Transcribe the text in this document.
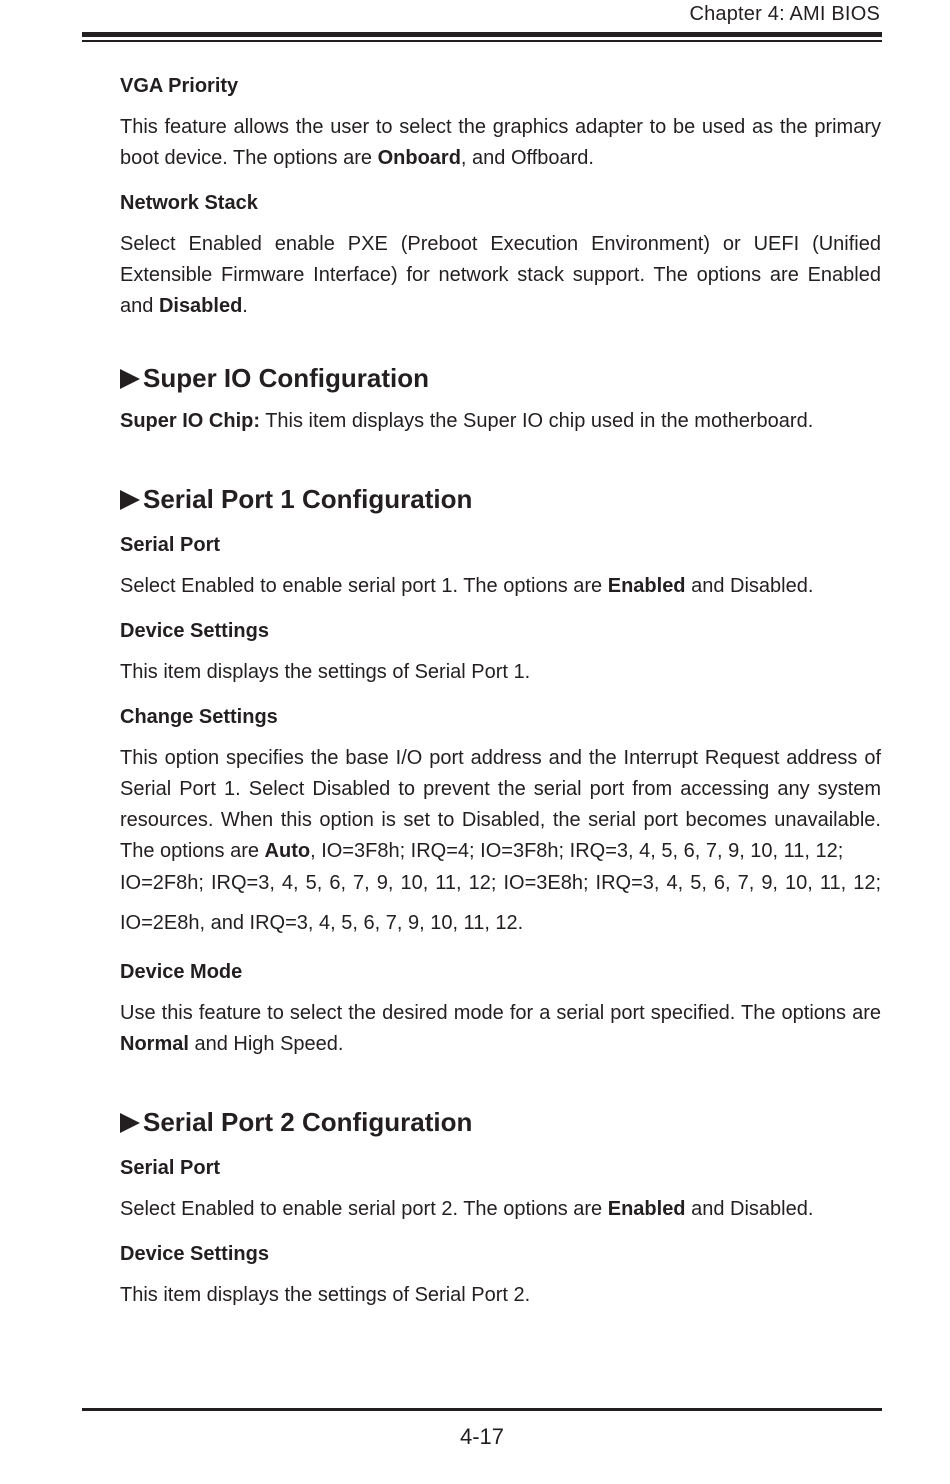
Chapter 4: AMI BIOS
VGA Priority

This feature allows the user to select the graphics adapter to be used as the primary boot device. The options are Onboard, and Offboard.

Network Stack

Select Enabled enable PXE (Preboot Execution Environment) or UEFI (Unified Extensible Firmware Interface) for network stack support. The options are Enabled and Disabled.

Super IO Configuration

Super IO Chip: This item displays the Super IO chip used in the motherboard.

Serial Port 1 Configuration
Serial Port

Select Enabled to enable serial port 1. The options are Enabled and Disabled.

Device Settings

This item displays the settings of Serial Port 1.

Change Settings

This option specifies the base I/O port address and the Interrupt Request address of Serial Port 1. Select Disabled to prevent the serial port from accessing any system resources. When this option is set to Disabled, the serial port becomes unavailable. The options are Auto, IO=3F8h; IRQ=4; IO=3F8h; IRQ=3, 4, 5, 6, 7, 9, 10, 11, 12;

IO=2F8h; IRQ=3, 4, 5, 6, 7, 9, 10, 11, 12; IO=3E8h; IRQ=3, 4, 5, 6, 7, 9, 10, 11, 12; IO=2E8h, and IRQ=3, 4, 5, 6, 7, 9, 10, 11, 12.

Device Mode

Use this feature to select the desired mode for a serial port specified. The options are Normal and High Speed.

Serial Port 2 Configuration
Serial Port

Select Enabled to enable serial port 2. The options are Enabled and Disabled.

Device Settings

This item displays the settings of Serial Port 2.

4-17
